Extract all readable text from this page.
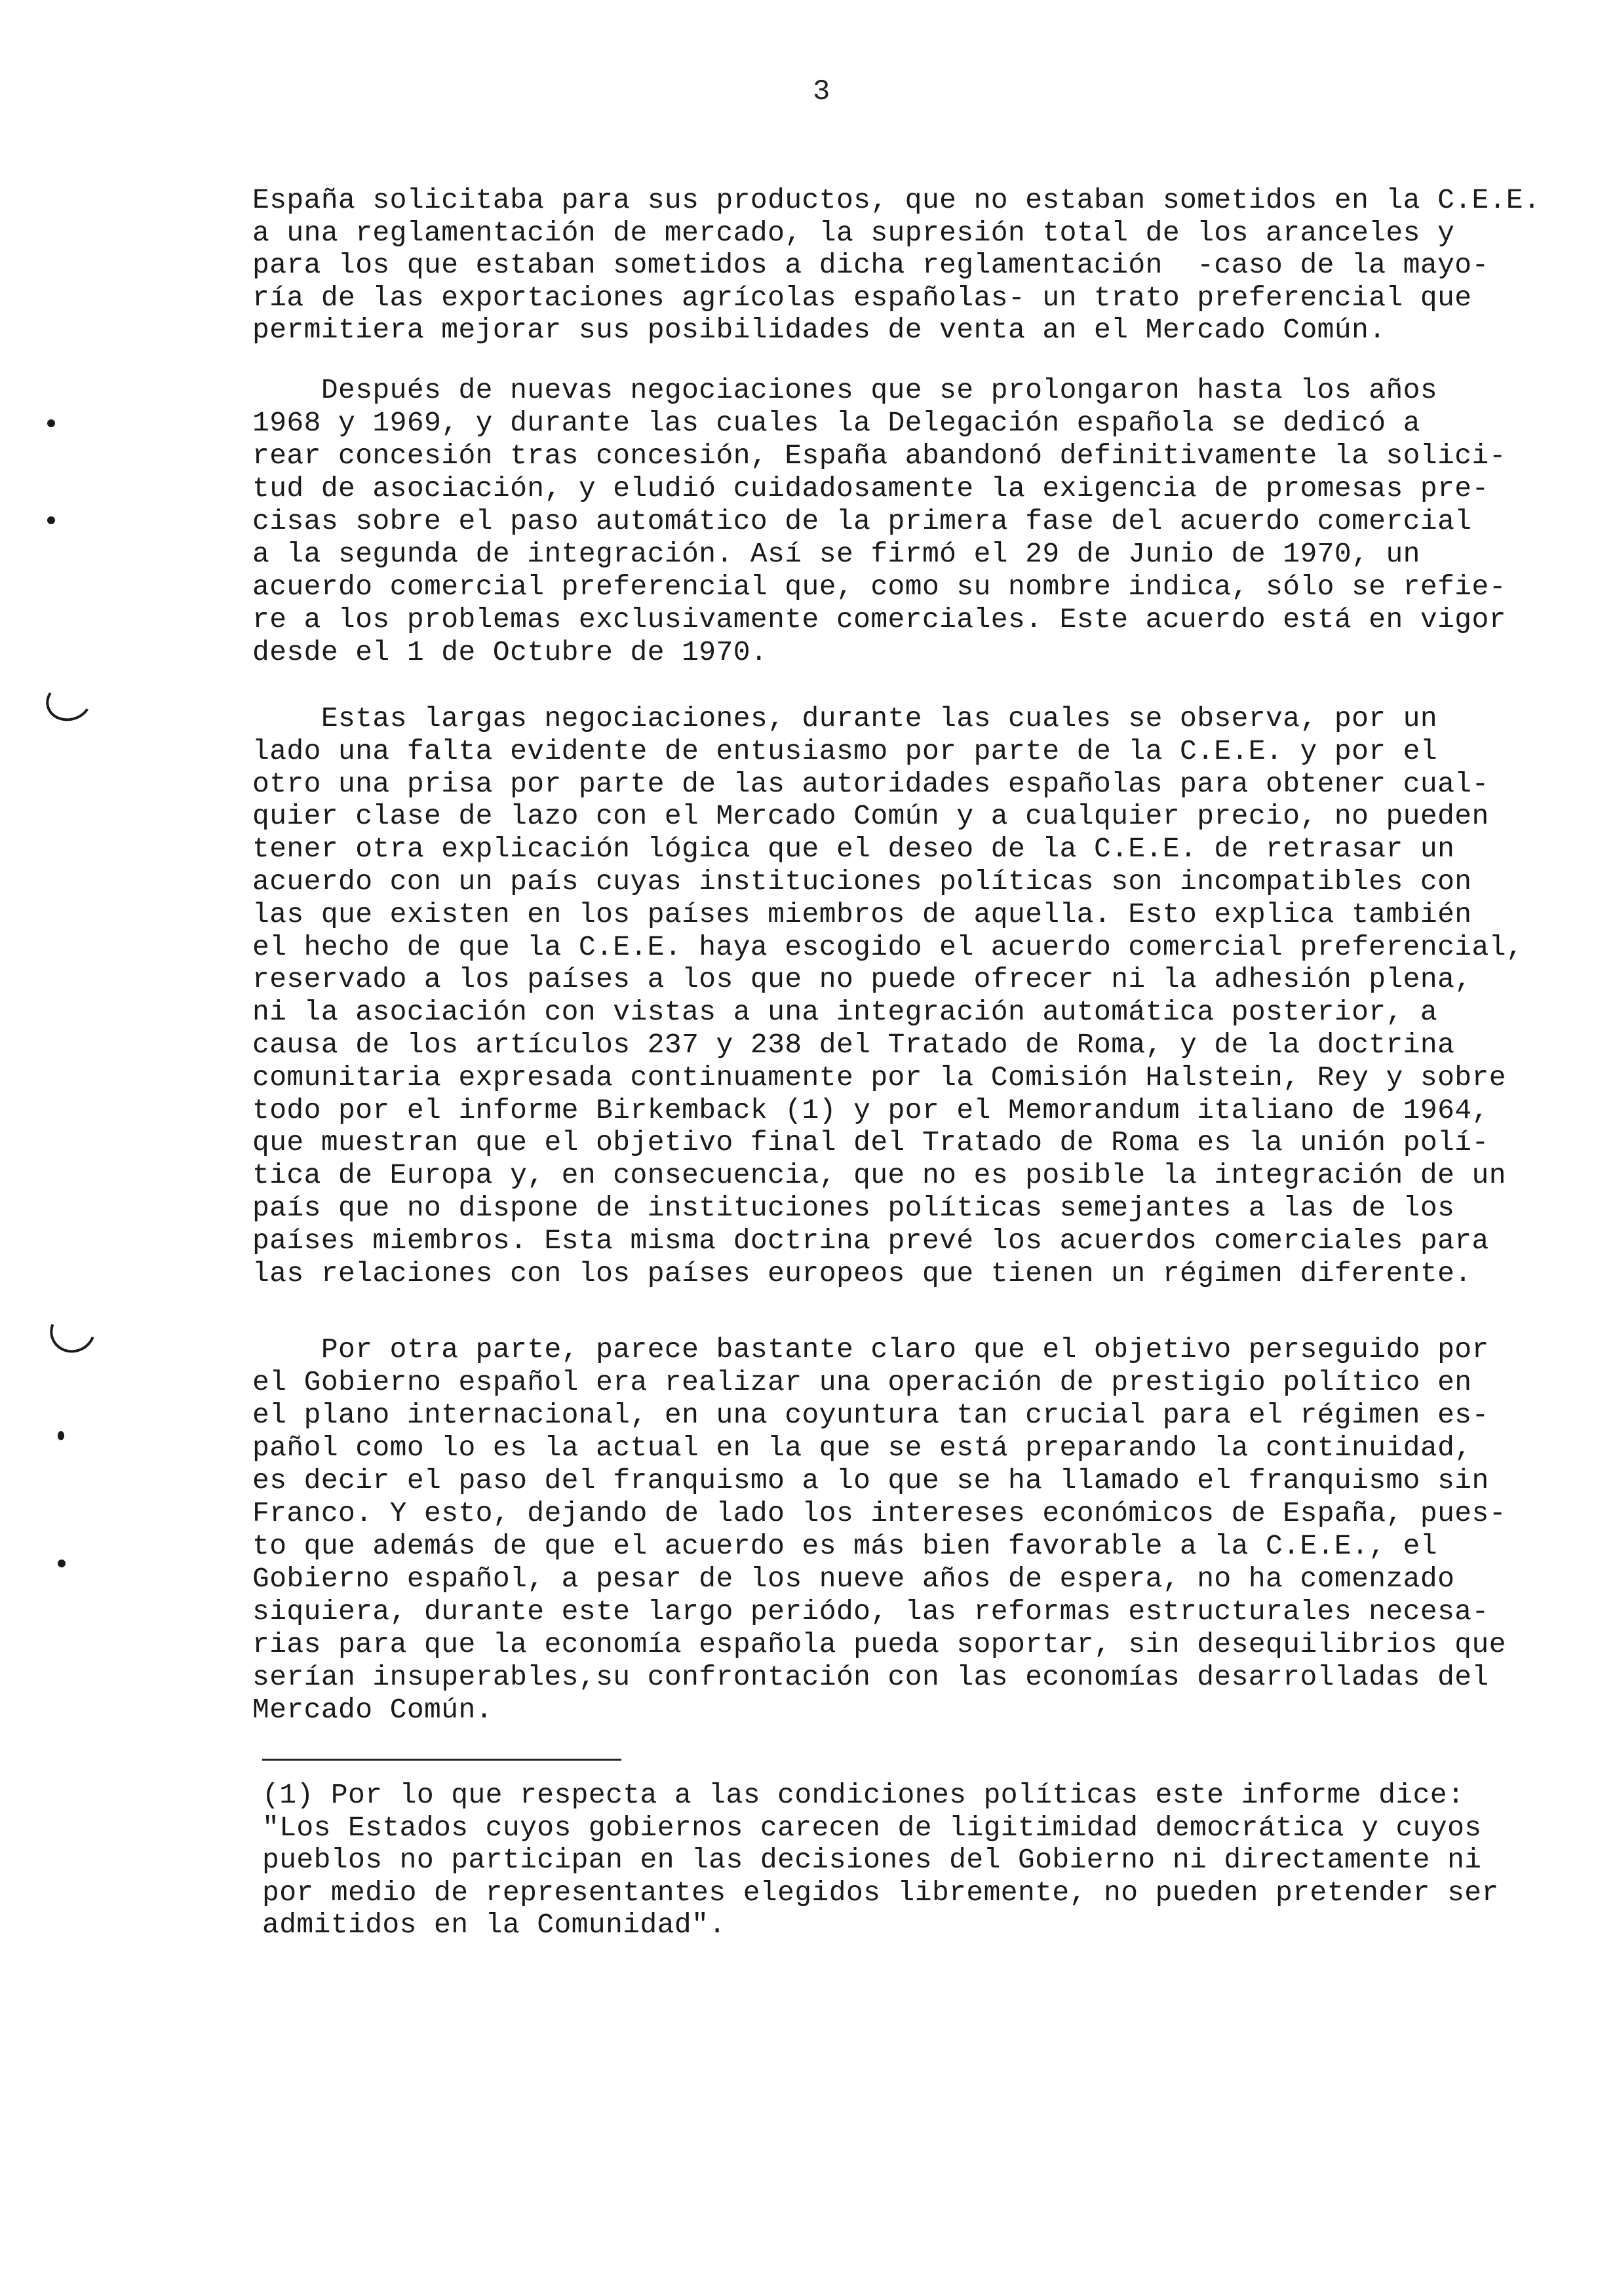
3
España solicitaba para sus productos, que no estaban sometidos en la C.E.E.
a una reglamentación de mercado, la supresión total de los aranceles y
para los que estaban sometidos a dicha reglamentación  -caso de la mayo-
ría de las exportaciones agrícolas españolas- un trato preferencial que
permitiera mejorar sus posibilidades de venta an el Mercado Común.
Después de nuevas negociaciones que se prolongaron hasta los años
1968 y 1969, y durante las cuales la Delegación española se dedicó a
rear concesión tras concesión, España abandonó definitivamente la solici-
tud de asociación, y eludió cuidadosamente la exigencia de promesas pre-
cisas sobre el paso automático de la primera fase del acuerdo comercial
a la segunda de integración. Así se firmó el 29 de Junio de 1970, un
acuerdo comercial preferencial que, como su nombre indica, sólo se refie-
re a los problemas exclusivamente comerciales. Este acuerdo está en vigor
desde el 1 de Octubre de 1970.
Estas largas negociaciones, durante las cuales se observa, por un
lado una falta evidente de entusiasmo por parte de la C.E.E. y por el
otro una prisa por parte de las autoridades españolas para obtener cual-
quier clase de lazo con el Mercado Común y a cualquier precio, no pueden
tener otra explicación lógica que el deseo de la C.E.E. de retrasar un
acuerdo con un país cuyas instituciones políticas son incompatibles con
las que existen en los países miembros de aquella. Esto explica también
el hecho de que la C.E.E. haya escogido el acuerdo comercial preferencial,
reservado a los países a los que no puede ofrecer ni la adhesión plena,
ni la asociación con vistas a una integración automática posterior, a
causa de los artículos 237 y 238 del Tratado de Roma, y de la doctrina
comunitaria expresada continuamente por la Comisión Halstein, Rey y sobre
todo por el informe Birkemback (1) y por el Memorandum italiano de 1964,
que muestran que el objetivo final del Tratado de Roma es la unión polí-
tica de Europa y, en consecuencia, que no es posible la integración de un
país que no dispone de instituciones políticas semejantes a las de los
países miembros. Esta misma doctrina prevé los acuerdos comerciales para
las relaciones con los países europeos que tienen un régimen diferente.
Por otra parte, parece bastante claro que el objetivo perseguido por
el Gobierno español era realizar una operación de prestigio político en
el plano internacional, en una coyuntura tan crucial para el régimen es-
pañol como lo es la actual en la que se está preparando la continuidad,
es decir el paso del franquismo a lo que se ha llamado el franquismo sin
Franco. Y esto, dejando de lado los intereses económicos de España, pues-
to que además de que el acuerdo es más bien favorable a la C.E.E., el
Gobierno español, a pesar de los nueve años de espera, no ha comenzado
siquiera, durante este largo periódo, las reformas estructurales necesa-
rias para que la economía española pueda soportar, sin desequilibrios que
serían insuperables,su confrontación con las economías desarrolladas del
Mercado Común.
(1) Por lo que respecta a las condiciones políticas este informe dice:
"Los Estados cuyos gobiernos carecen de ligitimidad democrática y cuyos
pueblos no participan en las decisiones del Gobierno ni directamente ni
por medio de representantes elegidos libremente, no pueden pretender ser
admitidos en la Comunidad".
